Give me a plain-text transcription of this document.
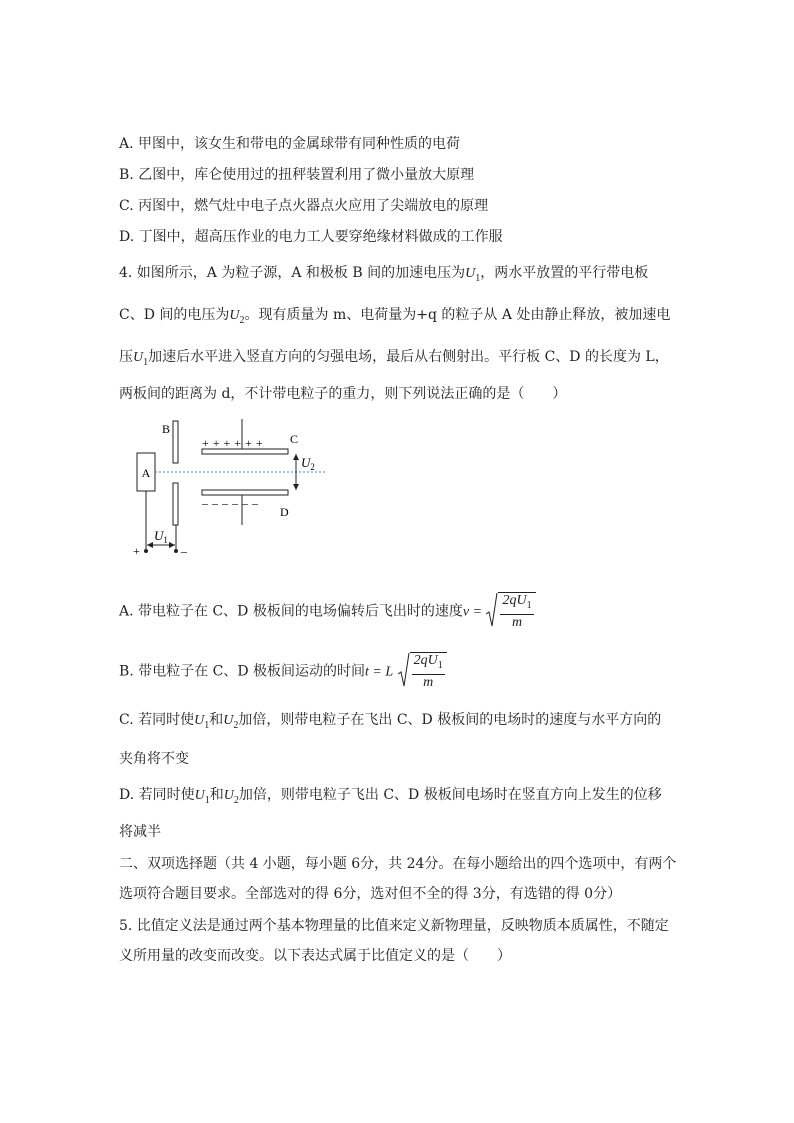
A. 甲图中，该女生和带电的金属球带有同种性质的电荷
B. 乙图中，库仑使用过的扭秤装置利用了微小量放大原理
C. 丙图中，燃气灶中电子点火器点火应用了尖端放电的原理
D. 丁图中，超高压作业的电力工人要穿绝缘材料做成的工作服
4. 如图所示，A 为粒子源，A 和极板 B 间的加速电压为$U_1$，两水平放置的平行带电板
C、D 间的电压为$U_2$。现有质量为 m、电荷量为+q 的粒子从 A 处由静止释放，被加速电
压$U_1$加速后水平进入竖直方向的匀强电场，最后从右侧射出。平行板 C、D 的长度为 L，
两板间的距离为 d，不计带电粒子的重力，则下列说法正确的是（　　）
A
B
+ + + + + + C
– – – – – –
D
$U_2$
+	–
$U_1$
A. 带电粒子在 C、D 极板间的电场偏转后飞出时的速度$v = \frac{2qU_1}{m}$
B. 带电粒子在 C、D 极板间运动的时间t = L $\frac{2qU_1}{m}$
C. 若同时使$U_1$和$U_2$加倍，则带电粒子在飞出 C、D 极板间的电场时的速度与水平方向的
夹角将不变
D. 若同时使$U_1$和$U_2$加倍，则带电粒子飞出 C、D 极板间电场时在竖直方向上发生的位移
将减半
二、双项选择题（共 4 小题，每小题 6分，共 24分。在每小题给出的四个选项中，有两个
选项符合题目要求。全部选对的得 6分，选对但不全的得 3分，有选错的得 0分）
5. 比值定义法是通过两个基本物理量的比值来定义新物理量，反映物质本质属性，不随定
义所用量的改变而改变。以下表达式属于比值定义的是（　　）
